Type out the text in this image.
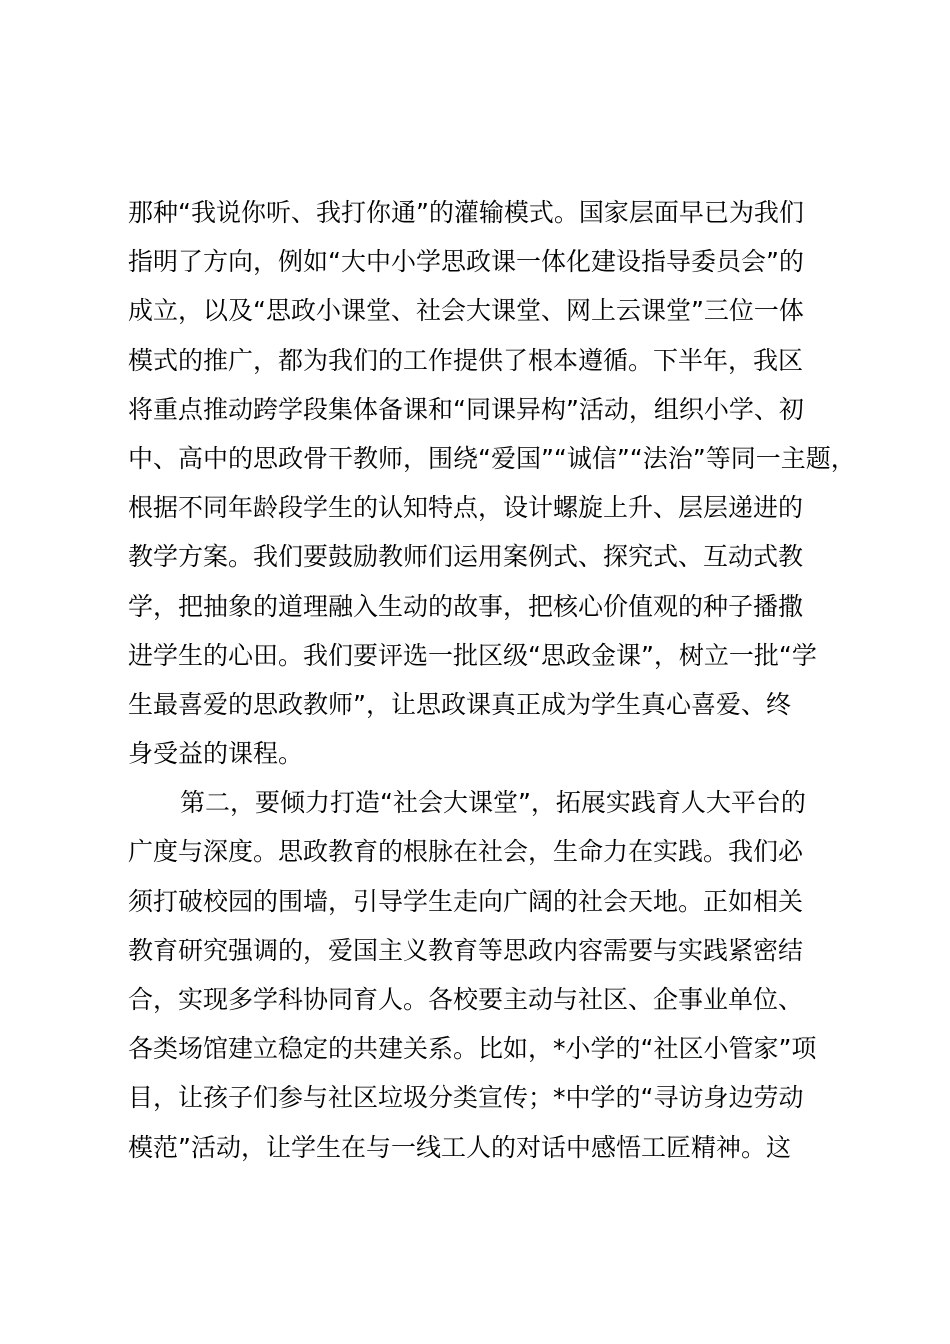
那种“我说你听、我打你通”的灌输模式。国家层面早已为我们
指明了方向，例如“大中小学思政课一体化建设指导委员会”的
成立，以及“思政小课堂、社会大课堂、网上云课堂”三位一体
模式的推广，都为我们的工作提供了根本遵循。下半年，我区
将重点推动跨学段集体备课和“同课异构”活动，组织小学、初
中、高中的思政骨干教师，围绕“爱国”“诚信”“法治”等同一主题，
根据不同年龄段学生的认知特点，设计螺旋上升、层层递进的
教学方案。我们要鼓励教师们运用案例式、探究式、互动式教
学，把抽象的道理融入生动的故事，把核心价值观的种子播撒
进学生的心田。我们要评选一批区级“思政金课”，树立一批“学
生最喜爱的思政教师”，让思政课真正成为学生真心喜爱、终
身受益的课程。
第二，要倾力打造“社会大课堂”，拓展实践育人大平台的
广度与深度。思政教育的根脉在社会，生命力在实践。我们必
须打破校园的围墙，引导学生走向广阔的社会天地。正如相关
教育研究强调的，爱国主义教育等思政内容需要与实践紧密结
合，实现多学科协同育人。各校要主动与社区、企事业单位、
各类场馆建立稳定的共建关系。比如，*小学的“社区小管家”项
目，让孩子们参与社区垃圾分类宣传；*中学的“寻访身边劳动
模范”活动，让学生在与一线工人的对话中感悟工匠精神。这
